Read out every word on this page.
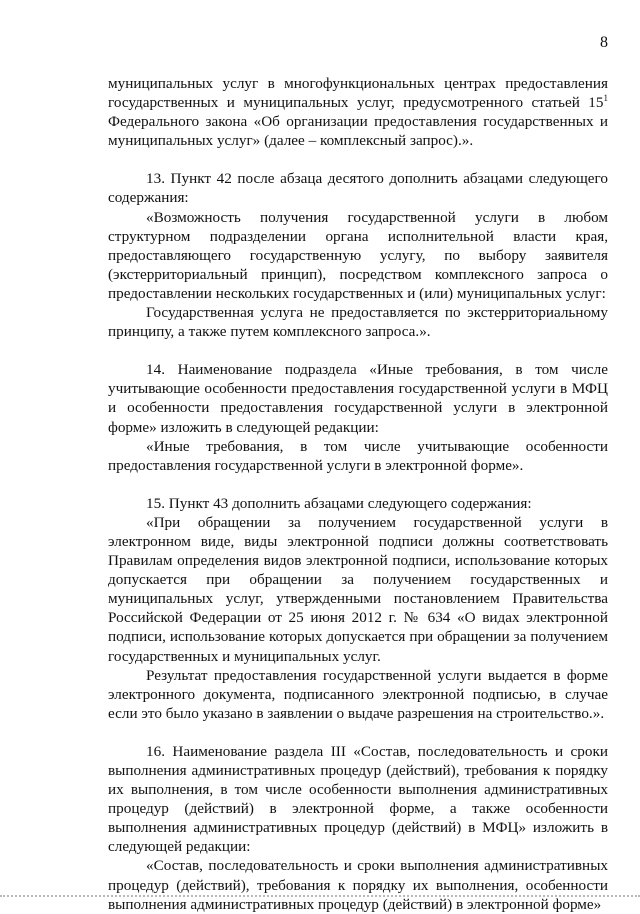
8

муниципальных услуг в многофункциональных центрах предоставления государственных и муниципальных услуг, предусмотренного статьей $15^1$ Федерального закона «Об организации предоставления государственных и муниципальных услуг» (далее – комплексный запрос).».

13. Пункт 42 после абзаца десятого дополнить абзацами следующего содержания:

«Возможность получения государственной услуги в любом структурном подразделении органа исполнительной власти края, предоставляющего государственную услугу, по выбору заявителя (экстерриториальный принцип), посредством комплексного запроса о предоставлении нескольких государственных и (или) муниципальных услуг:

Государственная услуга не предоставляется по экстерриториальному принципу, а также путем комплексного запроса.».

14. Наименование подраздела «Иные требования, в том числе учитывающие особенности предоставления государственной услуги в МФЦ и особенности предоставления государственной услуги в электронной форме» изложить в следующей редакции:

«Иные требования, в том числе учитывающие особенности предоставления государственной услуги в электронной форме».

15. Пункт 43 дополнить абзацами следующего содержания:

«При обращении за получением государственной услуги в электронном виде, виды электронной подписи должны соответствовать Правилам определения видов электронной подписи, использование которых допускается при обращении за получением государственных и муниципальных услуг, утвержденными постановлением Правительства Российской Федерации от 25 июня 2012 г. № 634 «О видах электронной подписи, использование которых допускается при обращении за получением государственных и муниципальных услуг.

Результат предоставления государственной услуги выдается в форме электронного документа, подписанного электронной подписью, в случае если это было указано в заявлении о выдаче разрешения на строительство.».

16. Наименование раздела III «Состав, последовательность и сроки выполнения административных процедур (действий), требования к порядку их выполнения, в том числе особенности выполнения административных процедур (действий) в электронной форме, а также особенности выполнения административных процедур (действий) в МФЦ» изложить в следующей редакции:

«Состав, последовательность и сроки выполнения административных процедур (действий), требования к порядку их выполнения, особенности выполнения административных процедур (действий) в электронной форме»
